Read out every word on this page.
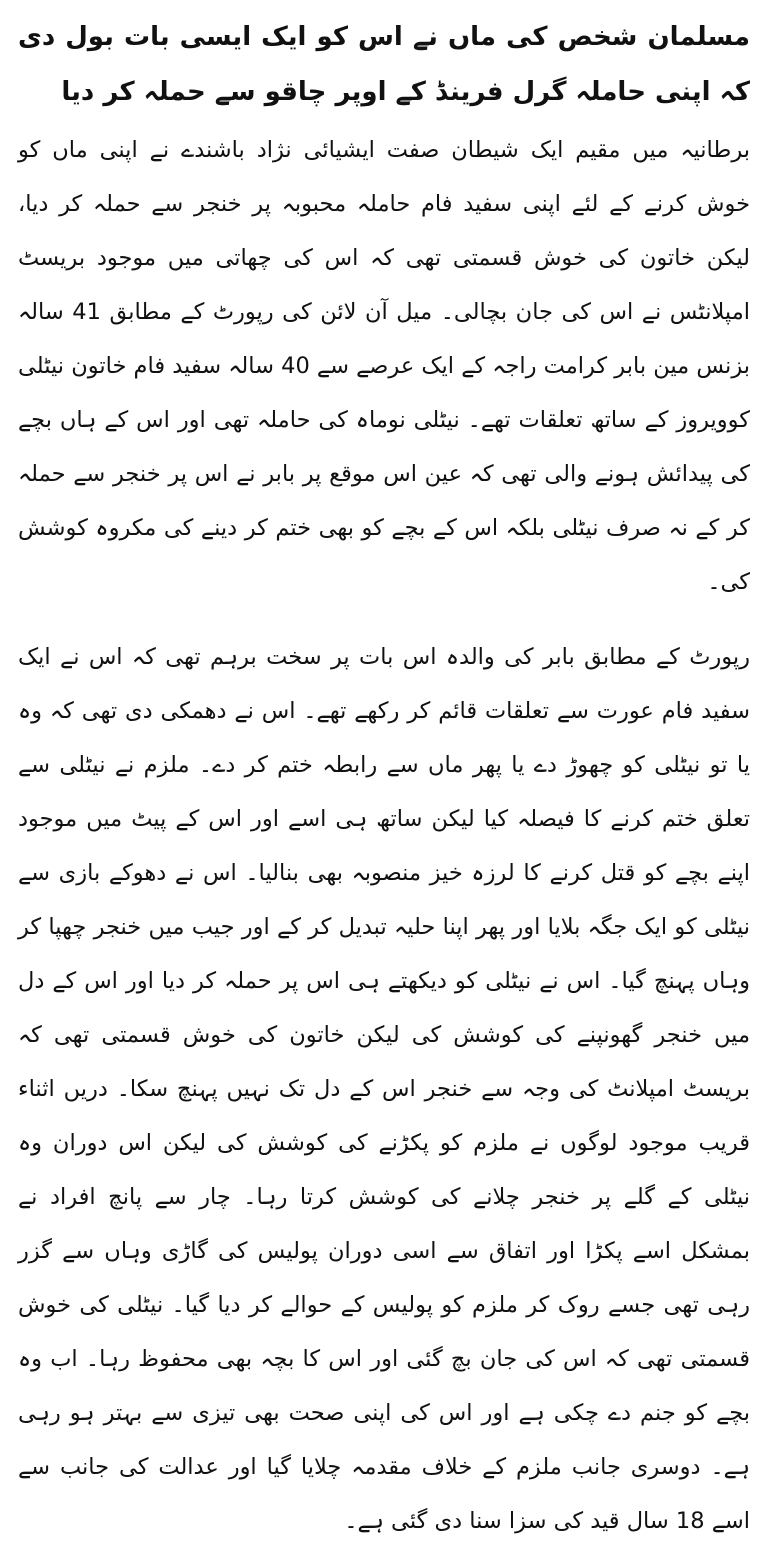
مسلمان شخص کی ماں نے اس کو ایک ایسی بات بول دی کہ اپنی حاملہ گرل فرینڈ کے اوپر چاقو سے حملہ کر دیا

برطانیہ میں مقیم ایک شیطان صفت ایشیائی نژاد باشندے نے اپنی ماں کو خوش کرنے کے لئے اپنی سفید فام حاملہ محبوبہ پر خنجر سے حملہ کر دیا، لیکن خاتون کی خوش قسمتی تھی کہ اس کی چھاتی میں موجود بریسٹ امپلانٹس نے اس کی جان بچالی۔ میل آن لائن کی رپورٹ کے مطابق 41 سالہ بزنس مین بابر کرامت راجہ کے ایک عرصے سے 40 سالہ سفید فام خاتون نیٹلی کوویروز کے ساتھ تعلقات تھے۔ نیٹلی نوماہ کی حاملہ تھی اور اس کے ہاں بچے کی پیدائش ہونے والی تھی کہ عین اس موقع پر بابر نے اس پر خنجر سے حملہ کر کے نہ صرف نیٹلی بلکہ اس کے بچے کو بھی ختم کر دینے کی مکروہ کوشش کی۔

رپورٹ کے مطابق بابر کی والدہ اس بات پر سخت برہم تھی کہ اس نے ایک سفید فام عورت سے تعلقات قائم کر رکھے تھے۔ اس نے دھمکی دی تھی کہ وہ یا تو نیٹلی کو چھوڑ دے یا پھر ماں سے رابطہ ختم کر دے۔ ملزم نے نیٹلی سے تعلق ختم کرنے کا فیصلہ کیا لیکن ساتھ ہی اسے اور اس کے پیٹ میں موجود اپنے بچے کو قتل کرنے کا لرزہ خیز منصوبہ بھی بنالیا۔ اس نے دھوکے بازی سے نیٹلی کو ایک جگہ بلایا اور پھر اپنا حلیہ تبدیل کر کے اور جیب میں خنجر چھپا کر وہاں پہنچ گیا۔ اس نے نیٹلی کو دیکھتے ہی اس پر حملہ کر دیا اور اس کے دل میں خنجر گھونپنے کی کوشش کی لیکن خاتون کی خوش قسمتی تھی کہ بریسٹ امپلانٹ کی وجہ سے خنجر اس کے دل تک نہیں پہنچ سکا۔ دریں اثناء قریب موجود لوگوں نے ملزم کو پکڑنے کی کوشش کی لیکن اس دوران وہ نیٹلی کے گلے پر خنجر چلانے کی کوشش کرتا رہا۔ چار سے پانچ افراد نے بمشکل اسے پکڑا اور اتفاق سے اسی دوران پولیس کی گاڑی وہاں سے گزر رہی تھی جسے روک کر ملزم کو پولیس کے حوالے کر دیا گیا۔ نیٹلی کی خوش قسمتی تھی کہ اس کی جان بچ گئی اور اس کا بچہ بھی محفوظ رہا۔ اب وہ بچے کو جنم دے چکی ہے اور اس کی اپنی صحت بھی تیزی سے بہتر ہو رہی ہے۔ دوسری جانب ملزم کے خلاف مقدمہ چلایا گیا اور عدالت کی جانب سے اسے 18 سال قید کی سزا سنا دی گئی ہے۔
